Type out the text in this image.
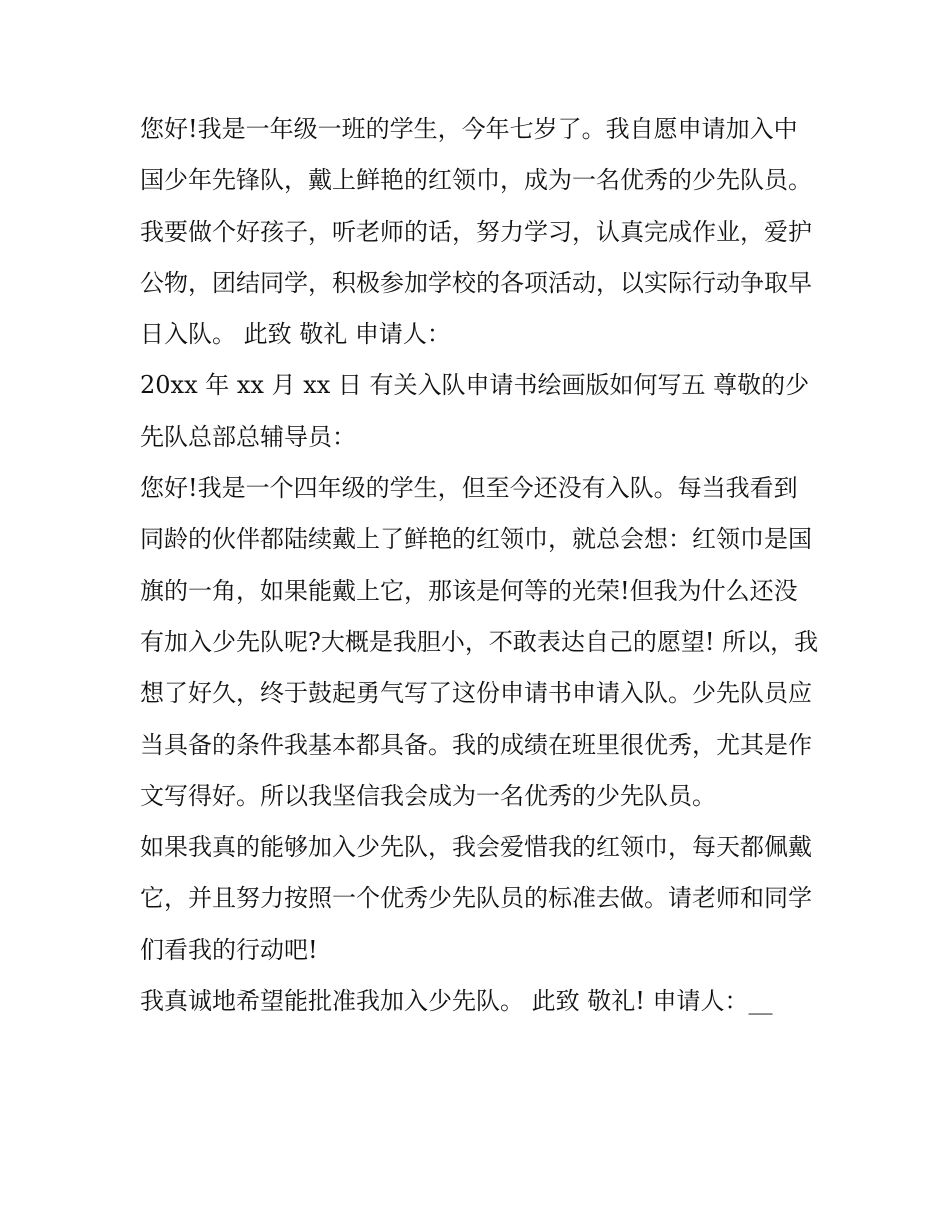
您好!我是一年级一班的学生，今年七岁了。我自愿申请加入中国少年先锋队，戴上鲜艳的红领巾，成为一名优秀的少先队员。

我要做个好孩子，听老师的话，努力学习，认真完成作业，爱护公物，团结同学，积极参加学校的各项活动，以实际行动争取早日入队。 此致 敬礼 申请人：

20xx 年 xx 月 xx 日 有关入队申请书绘画版如何写五 尊敬的少先队总部总辅导员：

您好!我是一个四年级的学生，但至今还没有入队。每当我看到同龄的伙伴都陆续戴上了鲜艳的红领巾，就总会想：红领巾是国旗的一角，如果能戴上它，那该是何等的光荣!但我为什么还没有加入少先队呢?大概是我胆小，不敢表达自己的愿望! 所以，我想了好久，终于鼓起勇气写了这份申请书申请入队。少先队员应当具备的条件我基本都具备。我的成绩在班里很优秀，尤其是作文写得好。所以我坚信我会成为一名优秀的少先队员。

如果我真的能够加入少先队，我会爱惜我的红领巾，每天都佩戴它，并且努力按照一个优秀少先队员的标准去做。请老师和同学们看我的行动吧!

我真诚地希望能批准我加入少先队。 此致 敬礼! 申请人：__
